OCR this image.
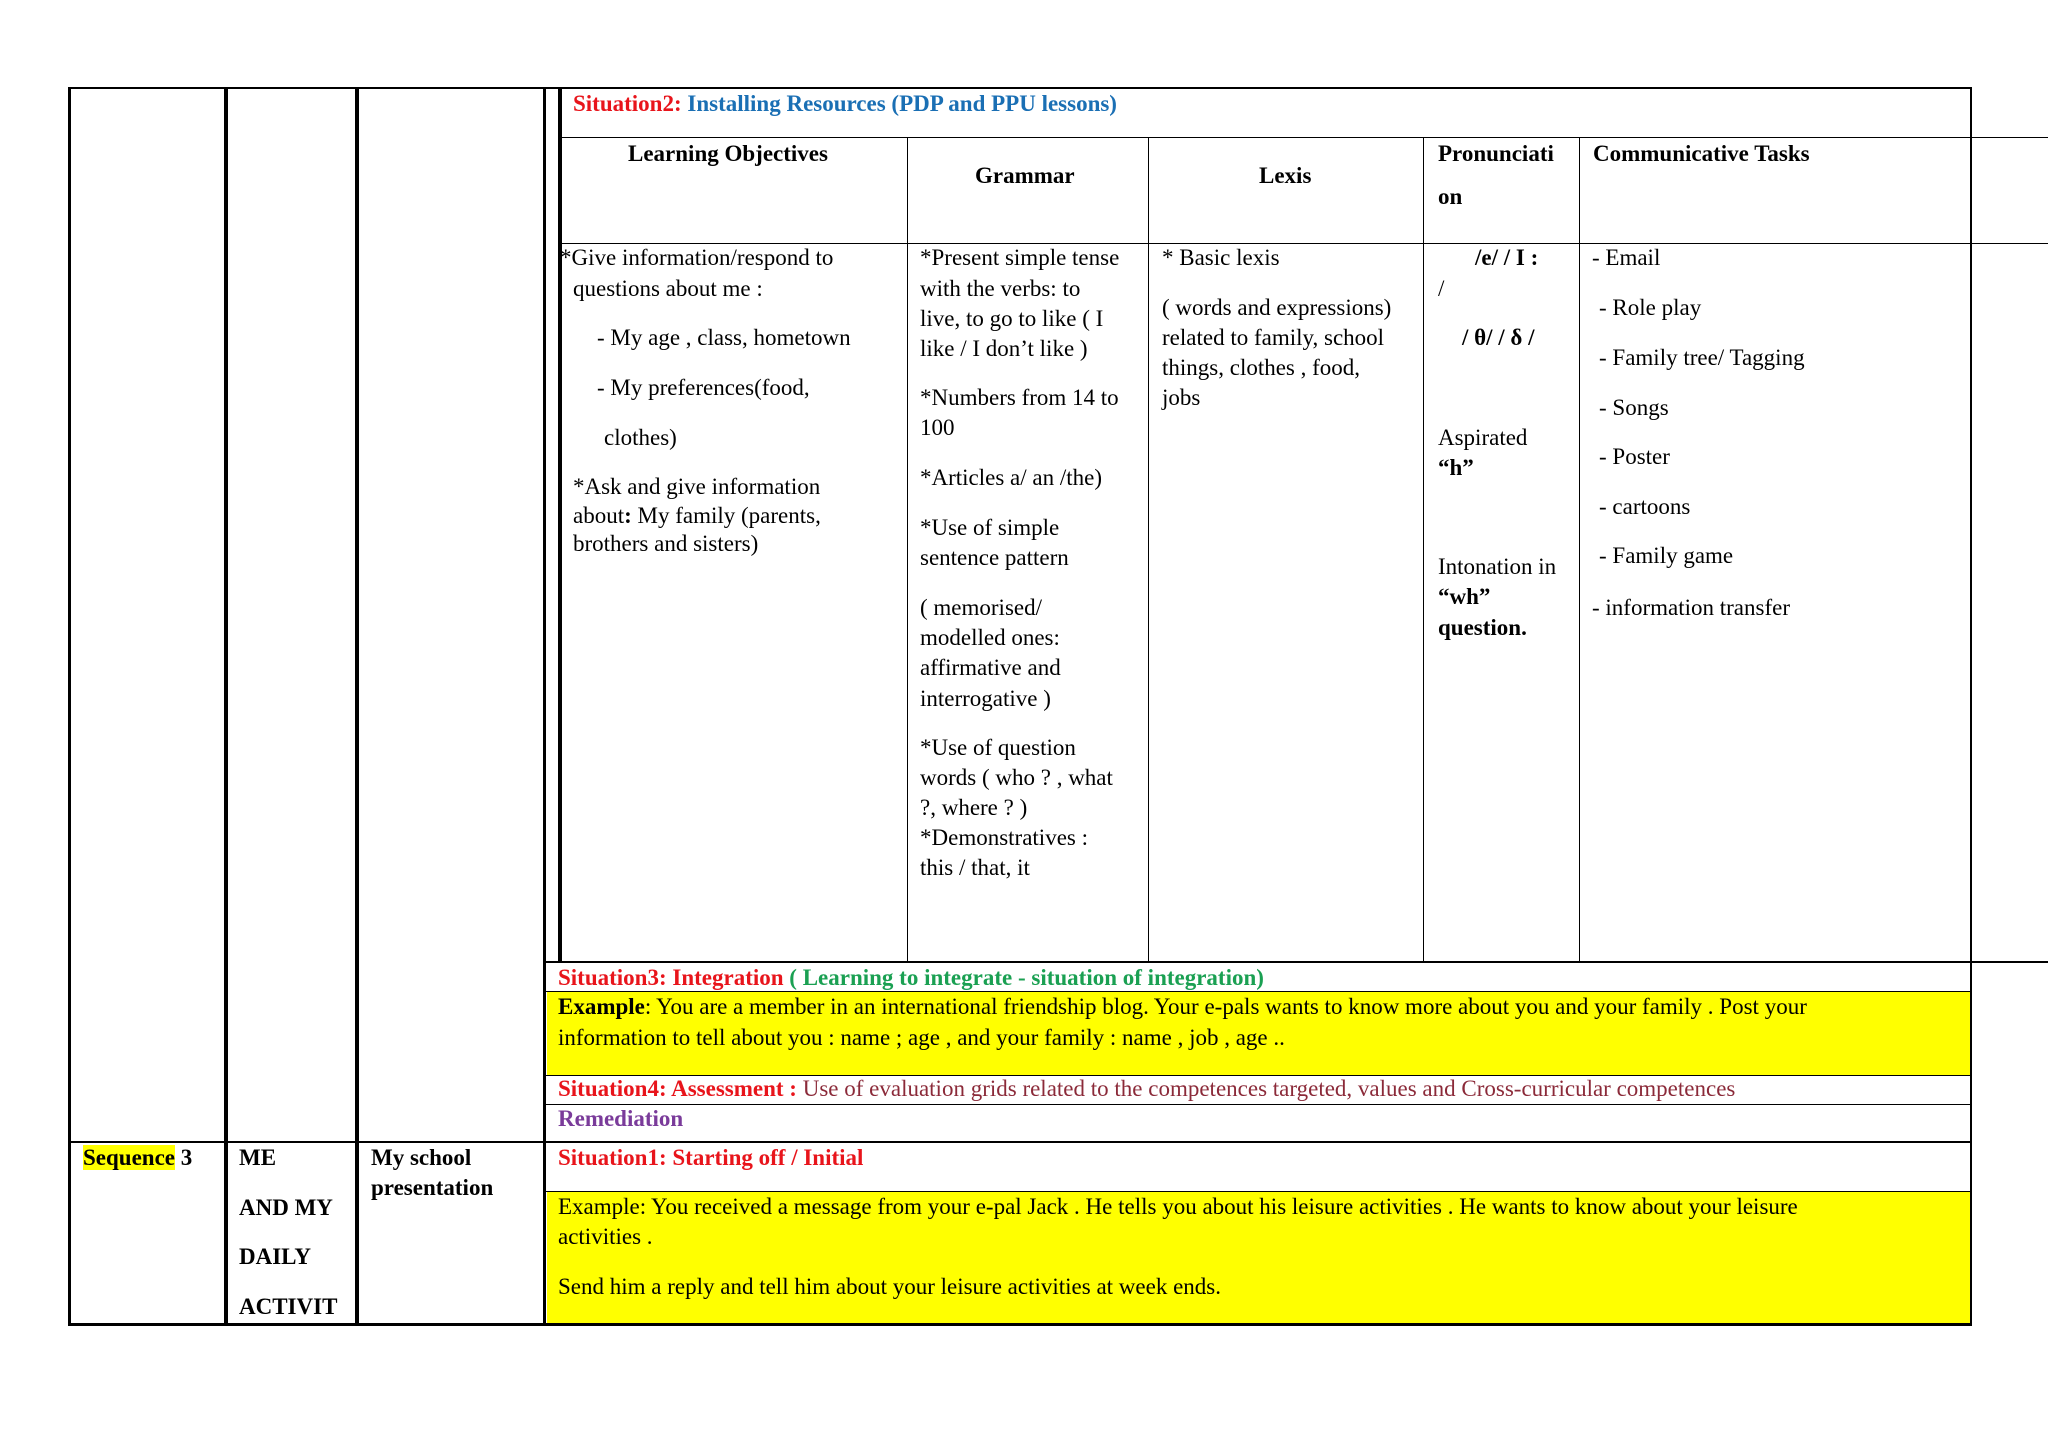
Situation2: Installing Resources (PDP and PPU lessons)
Learning Objectives
Grammar	Lexis
Pronunciati
on
Communicative Tasks
*Give information/respond to
questions about me :
- My age , class, hometown
- My preferences(food,
clothes)
*Ask and give information
about: My family (parents,
brothers and sisters)
*Present simple tense
with the verbs: to
live, to go to like ( I
like / I don’t like )
*Numbers from 14 to
100
*Articles a/ an /the)
*Use of simple
sentence pattern
( memorised/
modelled ones:
affirmative and
interrogative )
*Use of question
words ( who ? , what
?, where ? )
*Demonstratives :
this / that, it
* Basic lexis
( words and expressions)
related to family, school
things, clothes , food,
jobs
/e/ / I :
/
/ θ/ / δ /
Aspirated
“h”
Intonation in
“wh”
question.
- Email
- Role play
- Family tree/ Tagging
- Songs
- Poster
- cartoons
- Family game
- information transfer
Situation3: Integration ( Learning to integrate - situation of integration)
Example: You are a member in an international friendship blog. Your e-pals wants to know more about you and your family . Post your
information to tell about you : name ; age , and your family : name , job , age ..
Situation4: Assessment : Use of evaluation grids related to the competences targeted, values and Cross-curricular competences
Remediation
Sequence 3 ME
AND MY
DAILY
ACTIVIT
My school
presentation
Situation1: Starting off / Initial
Example: You received a message from your e-pal Jack . He tells you about his leisure activities . He wants to know about your leisure
activities .
Send him a reply and tell him about your leisure activities at week ends.
